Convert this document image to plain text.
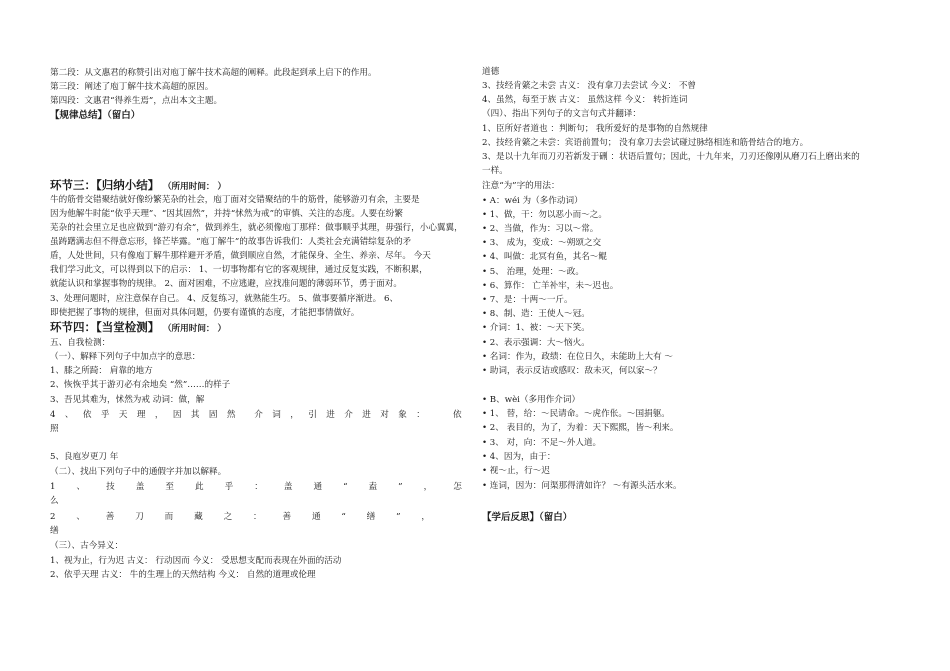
第二段：从文惠君的称赞引出对庖丁解牛技术高超的阐释。此段起到承上启下的作用。
第三段：阐述了庖丁解牛技术高超的原因。
第四段：文惠君“得养生焉”，点出本文主题。
【规律总结】（留白）
环节三：【归纳小结】 （所用时间： ）
牛的筋骨交错聚结就好像纷繁芜杂的社会，庖丁面对交错聚结的牛的筋骨，能够游刃有余，主要是
因为他解牛时能“依乎天理”、“因其固然”，并持“怵然为戒”的审慎、关注的态度。人要在纷繁
芜杂的社会里立足也应做到“游刃有余”，做到养生，就必须像庖丁那样：做事顺乎其理，毋强行，小心翼翼，
虽踌躇满志但不得意忘形，锋芒毕露。“庖丁解牛”的故事告诉我们：人类社会充满错综复杂的矛
盾，人处世间，只有像庖丁解牛那样避开矛盾，做到顺应自然，才能保身、全生、养亲、尽年。 今天
我们学习此文，可以得到以下的启示： 1、一切事物都有它的客观规律，通过反复实践，不断积累，
就能认识和掌握事物的规律。 2、面对困难，不应逃避，应找准问题的薄弱环节，勇于面对。
3、处理问题时，应注意保存自己。 4、反复练习，就熟能生巧。 5、做事要循序渐进。 6、
即使把握了事物的规律，但面对具体问题，仍要有谨慎的态度，才能把事情做好。
环节四：【当堂检测】 （所用时间： ）
五、自我检测：
（一）、解释下列句子中加点字的意思：
1、膝之所踦： 肩靠的地方
2、恢恢乎其于游刃必有余地矣 “然”……的样子
3、吾见其难为，怵然为戒 动词：做，解
4 、 依 乎 天 理 ， 因 其 固 然 介 词 ， 引 进 介 进 对 象 ：	依
照
5、良庖岁更刀 年
（二）、找出下列句子中的通假字并加以解释。
1 、 技 盖 至 此 乎 ： 盖 通 “ 盍 ” ， 怎
么
2 、 善 刀 而 藏 之 ： 善 通 “ 缮 ” ，
缮
（三）、古今异义：
1、视为止，行为迟 古义： 行动因而 今义： 受思想支配而表现在外面的活动
2、依乎天理 古义： 牛的生理上的天然结构 今义： 自然的道理或伦理
道德
3、技经肯綮之未尝 古义： 没有拿刀去尝试 今义： 不曾
4、虽然，每至于族 古义： 虽然这样 今义： 转折连词
（四）、指出下列句子的文言句式并翻译：
1、臣所好者道也 ：判断句； 我所爱好的是事物的自然规律
2、技经肯綮之未尝：宾语前置句； 没有拿刀去尝试碰过脉络相连和筋骨结合的地方。
3、是以十九年而刀刃若新发于硎 ：状语后置句；因此，十九年来，刀刃还像刚从磨刀石上磨出来的
一样。
注意“为”字的用法：
• A：wéi 为（多作动词）
• 1、做，干：勿以恶小而～之。
• 2、当做，作为：习以～常。
• 3、 成为，变成：～朔颂之交
• 4、叫做：北冥有鱼，其名～鲲
• 5、 治理，处理：～政。
• 6、算作： 亡羊补牢，未～迟也。
• 7、是：十两～一斤。
• 8、制、造：王使人～冠。
• 介词：1、被：～天下笑。
• 2、表示强调：大～恼火。
• 名词：作为，政绩：在位日久，未能助上大有 ～
• 助词，表示反诘或感叹：敌未灭，何以家～？
• B、wèi（多用作介词）
• 1、 替，给：～民请命。～虎作伥。～国捐躯。
• 2、 表目的，为了，为着：天下熙熙，皆～利来。
• 3、 对，向：不足～外人道。
• 4、因为，由于：
• 视～止，行～迟
• 连词，因为：问渠那得清如许？ ～有源头活水来。
【学后反思】（留白）
